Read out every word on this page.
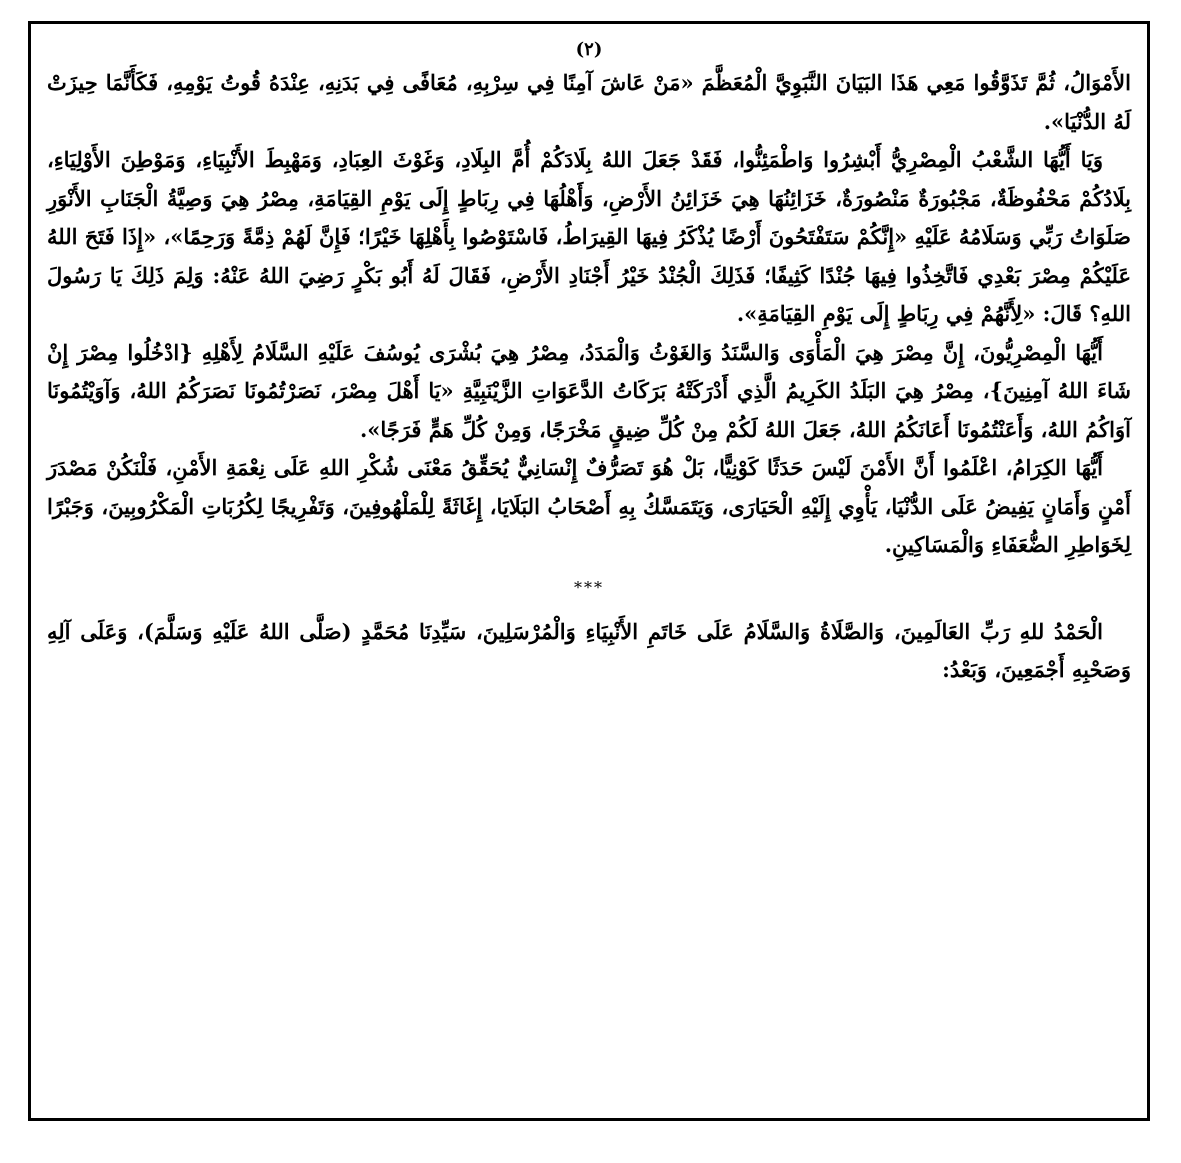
(٢)

الأَمْوَالُ، ثُمَّ تَذَوَّقُوا مَعِي هَذَا البَيَانَ النَّبَوِيَّ الْمُعَظَّمَ «مَنْ عَاشَ آمِنًا فِي سِرْبِهِ، مُعَافًى فِي بَدَنِهِ، عِنْدَهُ قُوتُ يَوْمِهِ، فَكَأَنَّمَا حِيزَتْ لَهُ الدُّنْيَا».

وَيَا أَيُّهَا الشَّعْبُ الْمِصْرِيُّ أَبْشِرُوا وَاطْمَئِنُّوا، فَقَدْ جَعَلَ اللهُ بِلَادَكُمْ أُمَّ البِلَادِ، وَغَوْثَ العِبَادِ، وَمَهْبِطَ الأَنْبِيَاءِ، وَمَوْطِنَ الأَوْلِيَاءِ، بِلَادُكُمْ مَحْفُوظَةٌ، مَجْبُورَةٌ مَنْصُورَةٌ، خَزَائِنُهَا هِيَ خَزَائِنُ الأَرْضِ، وَأَهْلُهَا فِي رِبَاطٍ إِلَى يَوْمِ القِيَامَةِ، مِصْرُ هِيَ وَصِيَّةُ الْجَنَابِ الأَنْوَرِ صَلَوَاتُ رَبِّي وَسَلَامُهُ عَلَيْهِ «إِنَّكُمْ سَتَفْتَحُونَ أَرْضًا يُذْكَرُ فِيهَا القِيرَاطُ، فَاسْتَوْصُوا بِأَهْلِهَا خَيْرًا؛ فَإِنَّ لَهُمْ ذِمَّةً وَرَحِمًا»، «إِذَا فَتَحَ اللهُ عَلَيْكُمْ مِصْرَ بَعْدِي فَاتَّخِذُوا فِيهَا جُنْدًا كَثِيفًا؛ فَذَلِكَ الْجُنْدُ خَيْرُ أَجْنَادِ الأَرْضِ، فَقَالَ لَهُ أَبُو بَكْرٍ رَضِيَ اللهُ عَنْهُ: وَلِمَ ذَلِكَ يَا رَسُولَ اللهِ؟ قَالَ: «لِأَنَّهُمْ فِي رِبَاطٍ إِلَى يَوْمِ القِيَامَةِ».

أَيُّهَا الْمِصْرِيُّونَ، إِنَّ مِصْرَ هِيَ الْمَأْوَى وَالسَّنَدُ وَالغَوْثُ وَالْمَدَدُ، مِصْرُ هِيَ بُشْرَى يُوسُفَ عَلَيْهِ السَّلَامُ لِأَهْلِهِ {ادْخُلُوا مِصْرَ إِنْ شَاءَ اللهُ آمِنِينَ}، مِصْرُ هِيَ البَلَدُ الكَرِيمُ الَّذِي أَدْرَكَتْهُ بَرَكَاتُ الدَّعَوَاتِ الزَّيْنَبِيَّةِ «يَا أَهْلَ مِصْرَ، نَصَرْتُمُونَا نَصَرَكُمُ اللهُ، وَآوَيْتُمُونَا آوَاكُمُ اللهُ، وَأَعَنْتُمُونَا أَعَانَكُمُ اللهُ، جَعَلَ اللهُ لَكُمْ مِنْ كُلِّ ضِيقٍ مَخْرَجًا، وَمِنْ كُلِّ هَمٍّ فَرَجًا».

أَيُّهَا الكِرَامُ، اعْلَمُوا أَنَّ الأَمْنَ لَيْسَ حَدَثًا كَوْنِيًّا، بَلْ هُوَ تَصَرُّفٌ إِنْسَانِيٌّ يُحَقِّقُ مَعْنَى شُكْرِ اللهِ عَلَى نِعْمَةِ الأَمْنِ، فَلْنَكُنْ مَصْدَرَ أَمْنٍ وَأَمَانٍ يَفِيضُ عَلَى الدُّنْيَا، يَأْوِي إِلَيْهِ الْحَيَارَى، وَيَتَمَسَّكُ بِهِ أَصْحَابُ البَلَايَا، إِغَاثَةً لِلْمَلْهُوفِينَ، وَتَفْرِيجًا لِكُرُبَاتِ الْمَكْرُوبِينَ، وَجَبْرًا لِخَوَاطِرِ الضُّعَفَاءِ وَالْمَسَاكِينِ.

***

الْحَمْدُ للهِ رَبِّ العَالَمِينَ، وَالصَّلَاةُ وَالسَّلَامُ عَلَى خَاتَمِ الأَنْبِيَاءِ وَالْمُرْسَلِينَ، سَيِّدِنَا مُحَمَّدٍ (صَلَّى اللهُ عَلَيْهِ وَسَلَّمَ)، وَعَلَى آلِهِ وَصَحْبِهِ أَجْمَعِينَ، وَبَعْدُ:
